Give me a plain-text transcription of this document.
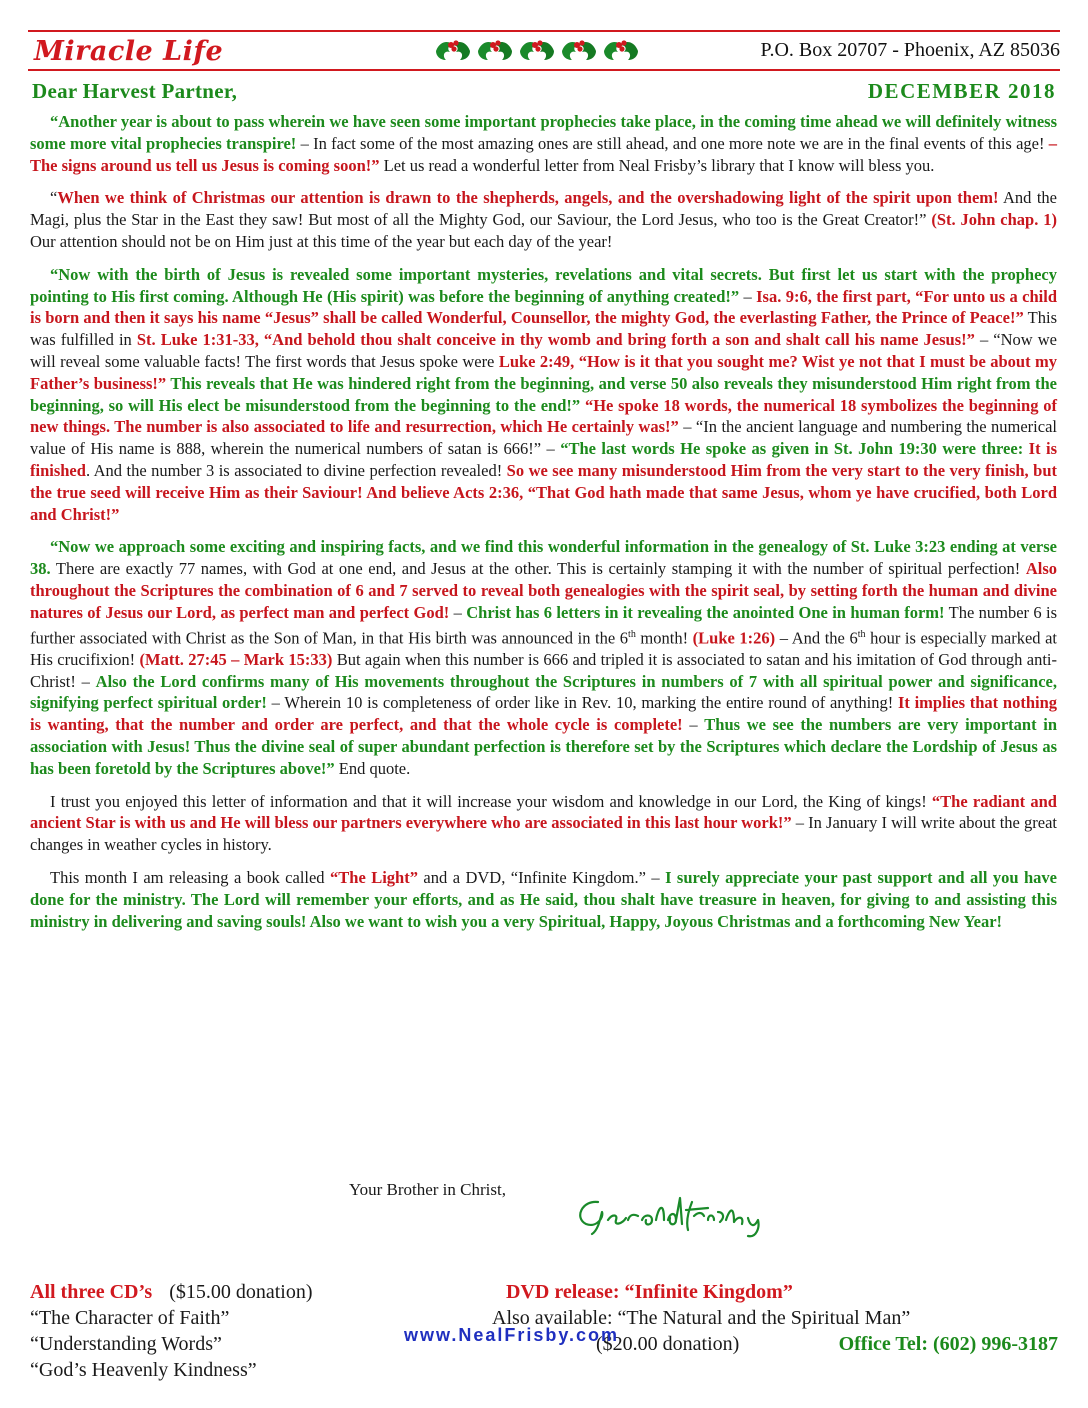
Miracle Life	P.O. Box 20707 - Phoenix, AZ 85036
Dear Harvest Partner,	DECEMBER 2018

“Another year is about to pass wherein we have seen some important prophecies take place, in the coming time ahead we will definitely witness some more vital prophecies transpire! – In fact some of the most amazing ones are still ahead, and one more note we are in the final events of this age! – The signs around us tell us Jesus is coming soon!” Let us read a wonderful letter from Neal Frisby’s library that I know will bless you.

“When we think of Christmas our attention is drawn to the shepherds, angels, and the overshadowing light of the spirit upon them! And the Magi, plus the Star in the East they saw! But most of all the Mighty God, our Saviour, the Lord Jesus, who too is the Great Creator!” (St. John chap. 1) Our attention should not be on Him just at this time of the year but each day of the year!

“Now with the birth of Jesus is revealed some important mysteries, revelations and vital secrets. But first let us start with the prophecy pointing to His first coming. Although He (His spirit) was before the beginning of anything created!” – Isa. 9:6, the first part, “For unto us a child is born and then it says his name “Jesus” shall be called Wonderful, Counsellor, the mighty God, the everlasting Father, the Prince of Peace!” This was fulfilled in St. Luke 1:31-33, “And behold thou shalt conceive in thy womb and bring forth a son and shalt call his name Jesus!” – “Now we will reveal some valuable facts! The first words that Jesus spoke were Luke 2:49, “How is it that you sought me? Wist ye not that I must be about my Father’s business!” This reveals that He was hindered right from the beginning, and verse 50 also reveals they misunderstood Him right from the beginning, so will His elect be misunderstood from the beginning to the end!” “He spoke 18 words, the numerical 18 symbolizes the beginning of new things. The number is also associated to life and resurrection, which He certainly was!” – “In the ancient language and numbering the numerical value of His name is 888, wherein the numerical numbers of satan is 666!” – “The last words He spoke as given in St. John 19:30 were three: It is finished. And the number 3 is associated to divine perfection revealed! So we see many misunderstood Him from the very start to the very finish, but the true seed will receive Him as their Saviour! And believe Acts 2:36, “That God hath made that same Jesus, whom ye have crucified, both Lord and Christ!”

“Now we approach some exciting and inspiring facts, and we find this wonderful information in the genealogy of St. Luke 3:23 ending at verse 38. There are exactly 77 names, with God at one end, and Jesus at the other. This is certainly stamping it with the number of spiritual perfection! Also throughout the Scriptures the combination of 6 and 7 served to reveal both genealogies with the spirit seal, by setting forth the human and divine natures of Jesus our Lord, as perfect man and perfect God! – Christ has 6 letters in it revealing the anointed One in human form! The number 6 is further associated with Christ as the Son of Man, in that His birth was announced in the 6th month! (Luke 1:26) – And the 6th hour is especially marked at His crucifixion! (Matt. 27:45 – Mark 15:33) But again when this number is 666 and tripled it is associated to satan and his imitation of God through anti-Christ! – Also the Lord confirms many of His movements throughout the Scriptures in numbers of 7 with all spiritual power and significance, signifying perfect spiritual order! – Wherein 10 is completeness of order like in Rev. 10, marking the entire round of anything! It implies that nothing is wanting, that the number and order are perfect, and that the whole cycle is complete! – Thus we see the numbers are very important in association with Jesus! Thus the divine seal of super abundant perfection is therefore set by the Scriptures which declare the Lordship of Jesus as has been foretold by the Scriptures above!” End quote.

I trust you enjoyed this letter of information and that it will increase your wisdom and knowledge in our Lord, the King of kings! “The radiant and ancient Star is with us and He will bless our partners everywhere who are associated in this last hour work!” – In January I will write about the great changes in weather cycles in history.

This month I am releasing a book called “The Light” and a DVD, “Infinite Kingdom.” – I surely appreciate your past support and all you have done for the ministry. The Lord will remember your efforts, and as He said, thou shalt have treasure in heaven, for giving to and assisting this ministry in delivering and saving souls! Also we want to wish you a very Spiritual, Happy, Joyous Christmas and a forthcoming New Year!

Your Brother in Christ,
All three CD’s ($15.00 donation)
“The Character of Faith”
“Understanding Words”
“God’s Heavenly Kindness”
DVD release: “Infinite Kingdom”
Also available: “The Natural and the Spiritual Man”
($20.00 donation)
www.NealFrisby.com	Office Tel: (602) 996-3187
